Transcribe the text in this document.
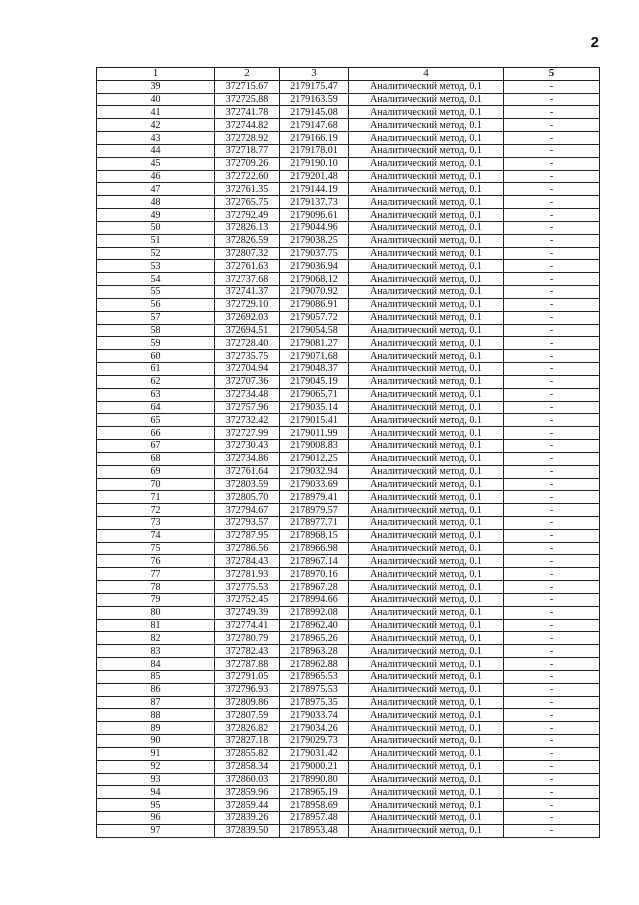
2
1	2	3	4	5
39	372715.67	2179175.47	Аналитический метод, 0.1	-
40	372725.88	2179163.59	Аналитический метод, 0.1	-
41	372741.78	2179145.08	Аналитический метод, 0.1	-
42	372744.82	2179147.68	Аналитический метод, 0.1	-
43	372728.92	2179166.19	Аналитический метод, 0.1	-
44	372718.77	2179178.01	Аналитический метод, 0.1	-
45	372709.26	2179190.10	Аналитический метод, 0.1	-
46	372722.60	2179201.48	Аналитический метод, 0.1	-
47	372761.35	2179144.19	Аналитический метод, 0.1	-
48	372765.75	2179137.73	Аналитический метод, 0.1	-
49	372792.49	2179096.61	Аналитический метод, 0.1	-
50	372826.13	2179044.96	Аналитический метод, 0.1	-
51	372826.59	2179038.25	Аналитический метод, 0.1	-
52	372807.32	2179037.75	Аналитический метод, 0.1	-
53	372761.63	2179036.94	Аналитический метод, 0.1	-
54	372737.68	2179068.12	Аналитический метод, 0.1	-
55	372741.37	2179070.92	Аналитический метод, 0.1	-
56	372729.10	2179086.91	Аналитический метод, 0.1	-
57	372692.03	2179057.72	Аналитический метод, 0.1	-
58	372694.51	2179054.58	Аналитический метод, 0.1	-
59	372728.40	2179081.27	Аналитический метод, 0.1	-
60	372735.75	2179071.68	Аналитический метод, 0.1	-
61	372704.94	2179048.37	Аналитический метод, 0.1	-
62	372707.36	2179045.19	Аналитический метод, 0.1	-
63	372734.48	2179065.71	Аналитический метод, 0.1	-
64	372757.96	2179035.14	Аналитический метод, 0.1	-
65	372732.42	2179015.41	Аналитический метод, 0.1	-
66	372727.99	2179011.99	Аналитический метод, 0.1	-
67	372730.43	2179008.83	Аналитический метод, 0.1	-
68	372734.86	2179012.25	Аналитический метод, 0.1	-
69	372761.64	2179032.94	Аналитический метод, 0.1	-
70	372803.59	2179033.69	Аналитический метод, 0.1	-
71	372805.70	2178979.41	Аналитический метод, 0.1	-
72	372794.67	2178979.57	Аналитический метод, 0.1	-
73	372793.57	2178977.71	Аналитический метод, 0.1	-
74	372787.95	2178968.15	Аналитический метод, 0.1	-
75	372786.56	2178966.98	Аналитический метод, 0.1	-
76	372784.43	2178967.14	Аналитический метод, 0.1	-
77	372781.93	2178970.16	Аналитический метод, 0.1	-
78	372775.53	2178967.28	Аналитический метод, 0.1	-
79	372752.45	2178994.66	Аналитический метод, 0.1	-
80	372749.39	2178992.08	Аналитический метод, 0.1	-
81	372774.41	2178962.40	Аналитический метод, 0.1	-
82	372780.79	2178965.26	Аналитический метод, 0.1	-
83	372782.43	2178963.28	Аналитический метод, 0.1	-
84	372787.88	2178962.88	Аналитический метод, 0.1	-
85	372791.05	2178965.53	Аналитический метод, 0.1	-
86	372796.93	2178975.53	Аналитический метод, 0.1	-
87	372809.86	2178975.35	Аналитический метод, 0.1	-
88	372807.59	2179033.74	Аналитический метод, 0.1	-
89	372826.82	2179034.26	Аналитический метод, 0.1	-
90	372827.18	2179029.73	Аналитический метод, 0.1	-
91	372855.82	2179031.42	Аналитический метод, 0.1	-
92	372858.34	2179000.21	Аналитический метод, 0.1	-
93	372860.03	2178990.80	Аналитический метод, 0.1	-
94	372859.96	2178965.19	Аналитический метод, 0.1	-
95	372859.44	2178958.69	Аналитический метод, 0.1	-
96	372839.26	2178957.48	Аналитический метод, 0.1	-
97	372839.50	2178953.48	Аналитический метод, 0.1	-
